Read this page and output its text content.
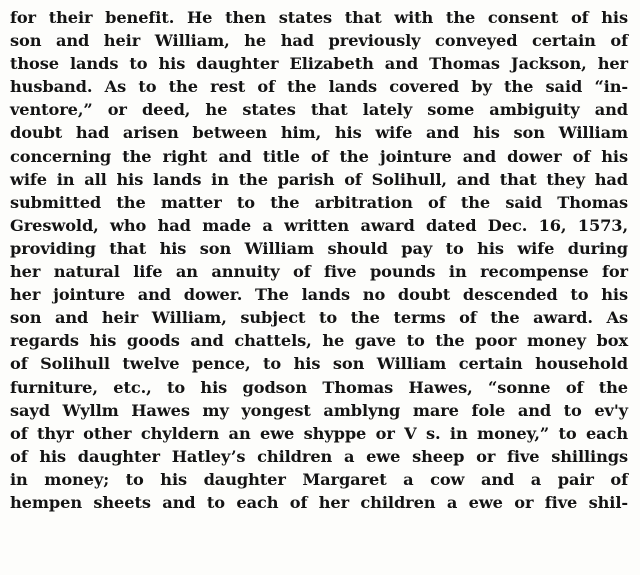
for their benefit. He then states that with the consent of his
son and heir William, he had previously conveyed certain of
those lands to his daughter Elizabeth and Thomas Jackson, her
husband. As to the rest of the lands covered by the said “in-
ventore,” or deed, he states that lately some ambiguity and
doubt had arisen between him, his wife and his son William
concerning the right and title of the jointure and dower of his
wife in all his lands in the parish of Solihull, and that they had
submitted the matter to the arbitration of the said Thomas
Greswold, who had made a written award dated Dec. 16, 1573,
providing that his son William should pay to his wife during
her natural life an annuity of five pounds in recompense for
her jointure and dower. The lands no doubt descended to his
son and heir William, subject to the terms of the award. As
regards his goods and chattels, he gave to the poor money box
of Solihull twelve pence, to his son William certain household
furniture, etc., to his godson Thomas Hawes, “sonne of the
sayd Wyllm Hawes my yongest amblyng mare fole and to ev'y
of thyr other chyldern an ewe shyppe or V s. in money,” to each
of his daughter Hatley’s children a ewe sheep or five shillings
in money; to his daughter Margaret a cow and a pair of
hempen sheets and to each of her children a ewe or five shil-
